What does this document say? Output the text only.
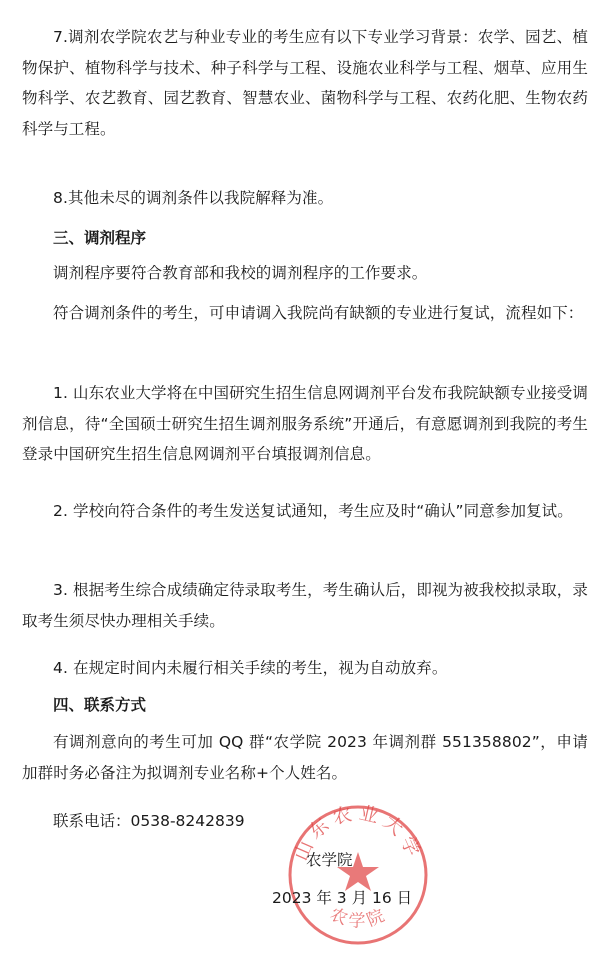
7.调剂农学院农艺与种业专业的考生应有以下专业学习背景：农学、园艺、植物保护、植物科学与技术、种子科学与工程、设施农业科学与工程、烟草、应用生物科学、农艺教育、园艺教育、智慧农业、菌物科学与工程、农药化肥、生物农药科学与工程。

8.其他未尽的调剂条件以我院解释为准。

三、调剂程序

调剂程序要符合教育部和我校的调剂程序的工作要求。

符合调剂条件的考生，可申请调入我院尚有缺额的专业进行复试，流程如下：

1. 山东农业大学将在中国研究生招生信息网调剂平台发布我院缺额专业接受调剂信息，待“全国硕士研究生招生调剂服务系统”开通后，有意愿调剂到我院的考生登录中国研究生招生信息网调剂平台填报调剂信息。

2. 学校向符合条件的考生发送复试通知，考生应及时“确认”同意参加复试。

3. 根据考生综合成绩确定待录取考生，考生确认后，即视为被我校拟录取，录取考生须尽快办理相关手续。

4. 在规定时间内未履行相关手续的考生，视为自动放弃。

四、联系方式

有调剂意向的考生可加 QQ 群“农学院 2023 年调剂群 551358802”，申请加群时务必备注为拟调剂专业名称+个人姓名。

联系电话：0538-8242839

山东农业大学
农学院

农学院

2023 年 3 月 16 日
